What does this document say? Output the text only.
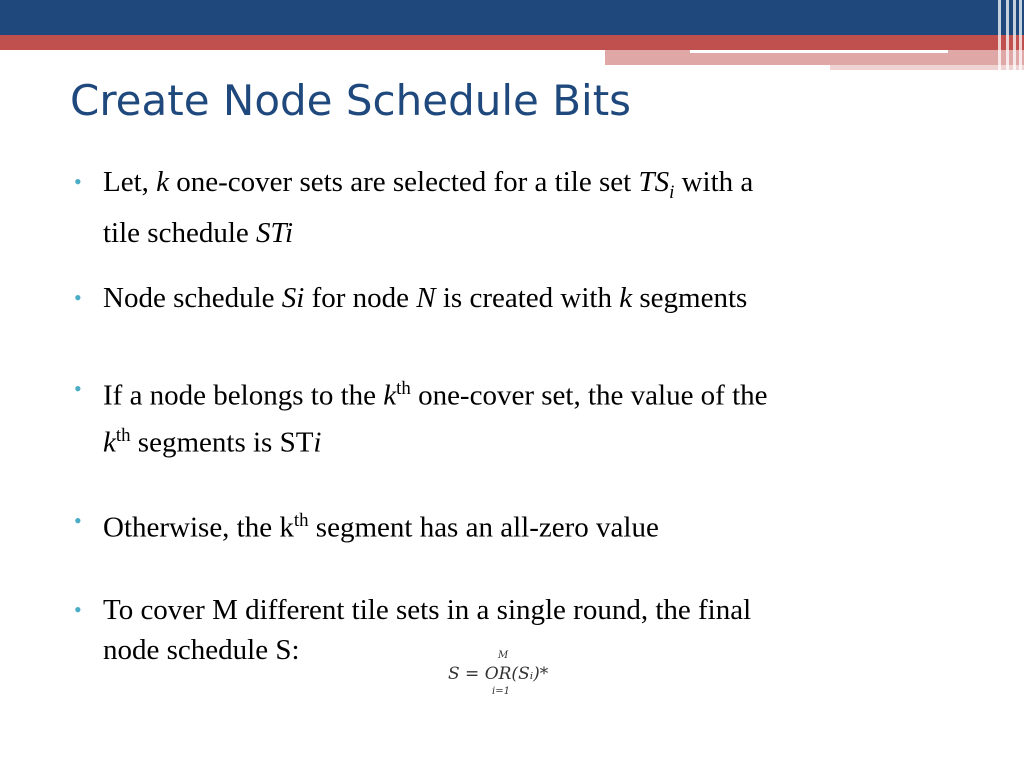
Create Node Schedule Bits
• Let, k one-cover sets are selected for a tile set $TS_i$ with a
tile schedule STi
• Node schedule Si for node N is created with k segments
• If a node belongs to the $k^{th}$ one-cover set, the value of the
$k^{th}$ segments is STi
• Otherwise, the $k^{th}$ segment has an all-zero value
• To cover M different tile sets in a single round, the final
node schedule S:	M
S = OR(Sᵢ)*
i=1
